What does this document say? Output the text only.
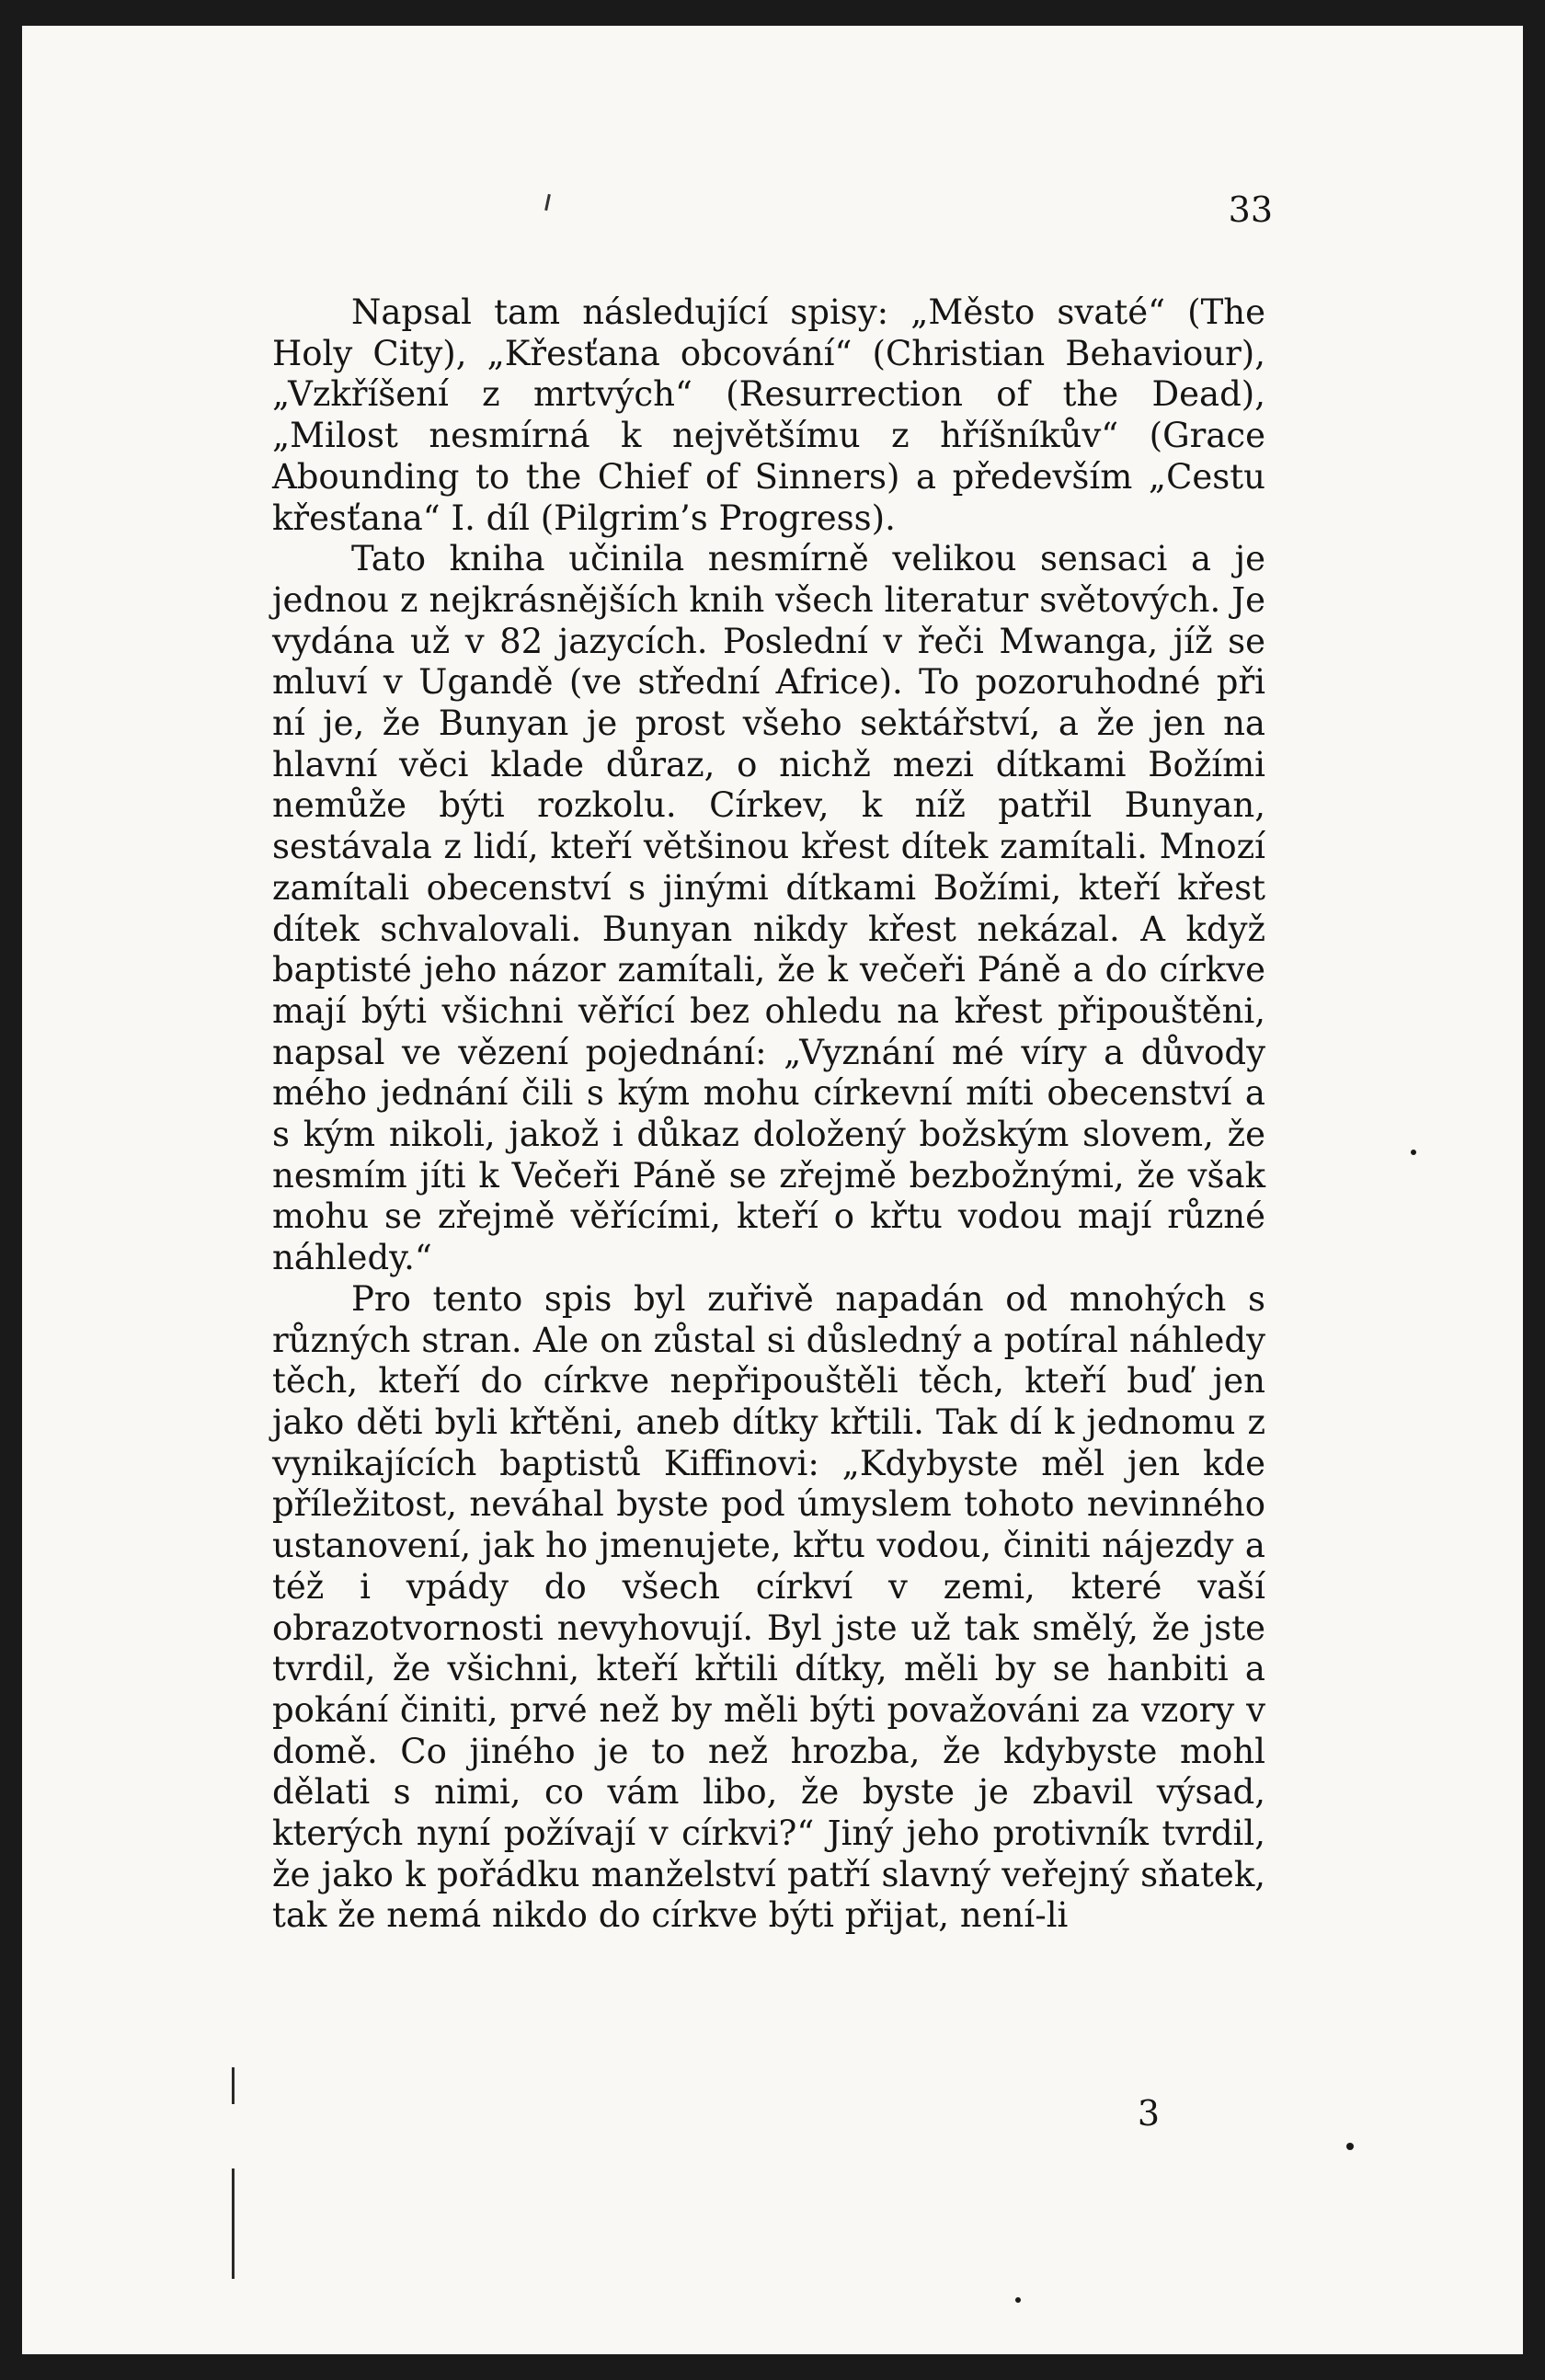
33

Napsal tam následující spisy: „Město svaté“ (The Holy City), „Křesťana obcování“ (Christian Behaviour), „Vzkříšení z mrtvých“ (Resurrection of the Dead), „Milost nesmírná k největšímu z hříšníkův“ (Grace Abounding to the Chief of Sinners) a především „Cestu křesťana“ I. díl (Pilgrim’s Progress).

Tato kniha učinila nesmírně velikou sensaci a je jednou z nejkrásnějších knih všech literatur světových. Je vydána už v 82 jazycích. Poslední v řeči Mwanga, jíž se mluví v Ugandě (ve střední Africe). To pozoruhodné při ní je, že Bunyan je prost všeho sektářství, a že jen na hlavní věci klade důraz, o nichž mezi dítkami Božími nemůže býti rozkolu. Církev, k níž patřil Bunyan, sestávala z lidí, kteří většinou křest dítek zamítali. Mnozí zamítali obecenství s jinými dítkami Božími, kteří křest dítek schvalovali. Bunyan nikdy křest nekázal. A když baptisté jeho názor zamítali, že k večeři Páně a do církve mají býti všichni věřící bez ohledu na křest připouštěni, napsal ve vězení pojednání: „Vyznání mé víry a důvody mého jednání čili s kým mohu církevní míti obecenství a s kým nikoli, jakož i důkaz doložený božským slovem, že nesmím jíti k Večeři Páně se zřejmě bezbožnými, že však mohu se zřejmě věřícími, kteří o křtu vodou mají různé náhledy.“

Pro tento spis byl zuřivě napadán od mnohých s různých stran. Ale on zůstal si důsledný a potíral náhledy těch, kteří do církve nepřipouštěli těch, kteří buď jen jako děti byli křtěni, aneb dítky křtili. Tak dí k jednomu z vynikajících baptistů Kiffinovi: „Kdybyste měl jen kde příležitost, neváhal byste pod úmyslem tohoto nevinného ustanovení, jak ho jmenujete, křtu vodou, činiti nájezdy a též i vpády do všech církví v zemi, které vaší obrazotvornosti nevyhovují. Byl jste už tak smělý, že jste tvrdil, že všichni, kteří křtili dítky, měli by se hanbiti a pokání činiti, prvé než by měli býti považováni za vzory v domě. Co jiného je to než hrozba, že kdybyste mohl dělati s nimi, co vám libo, že byste je zbavil výsad, kterých nyní požívají v církvi?“ Jiný jeho protivník tvrdil, že jako k pořádku manželství patří slavný veřejný sňatek, tak že nemá nikdo do církve býti přijat, není-li

3
